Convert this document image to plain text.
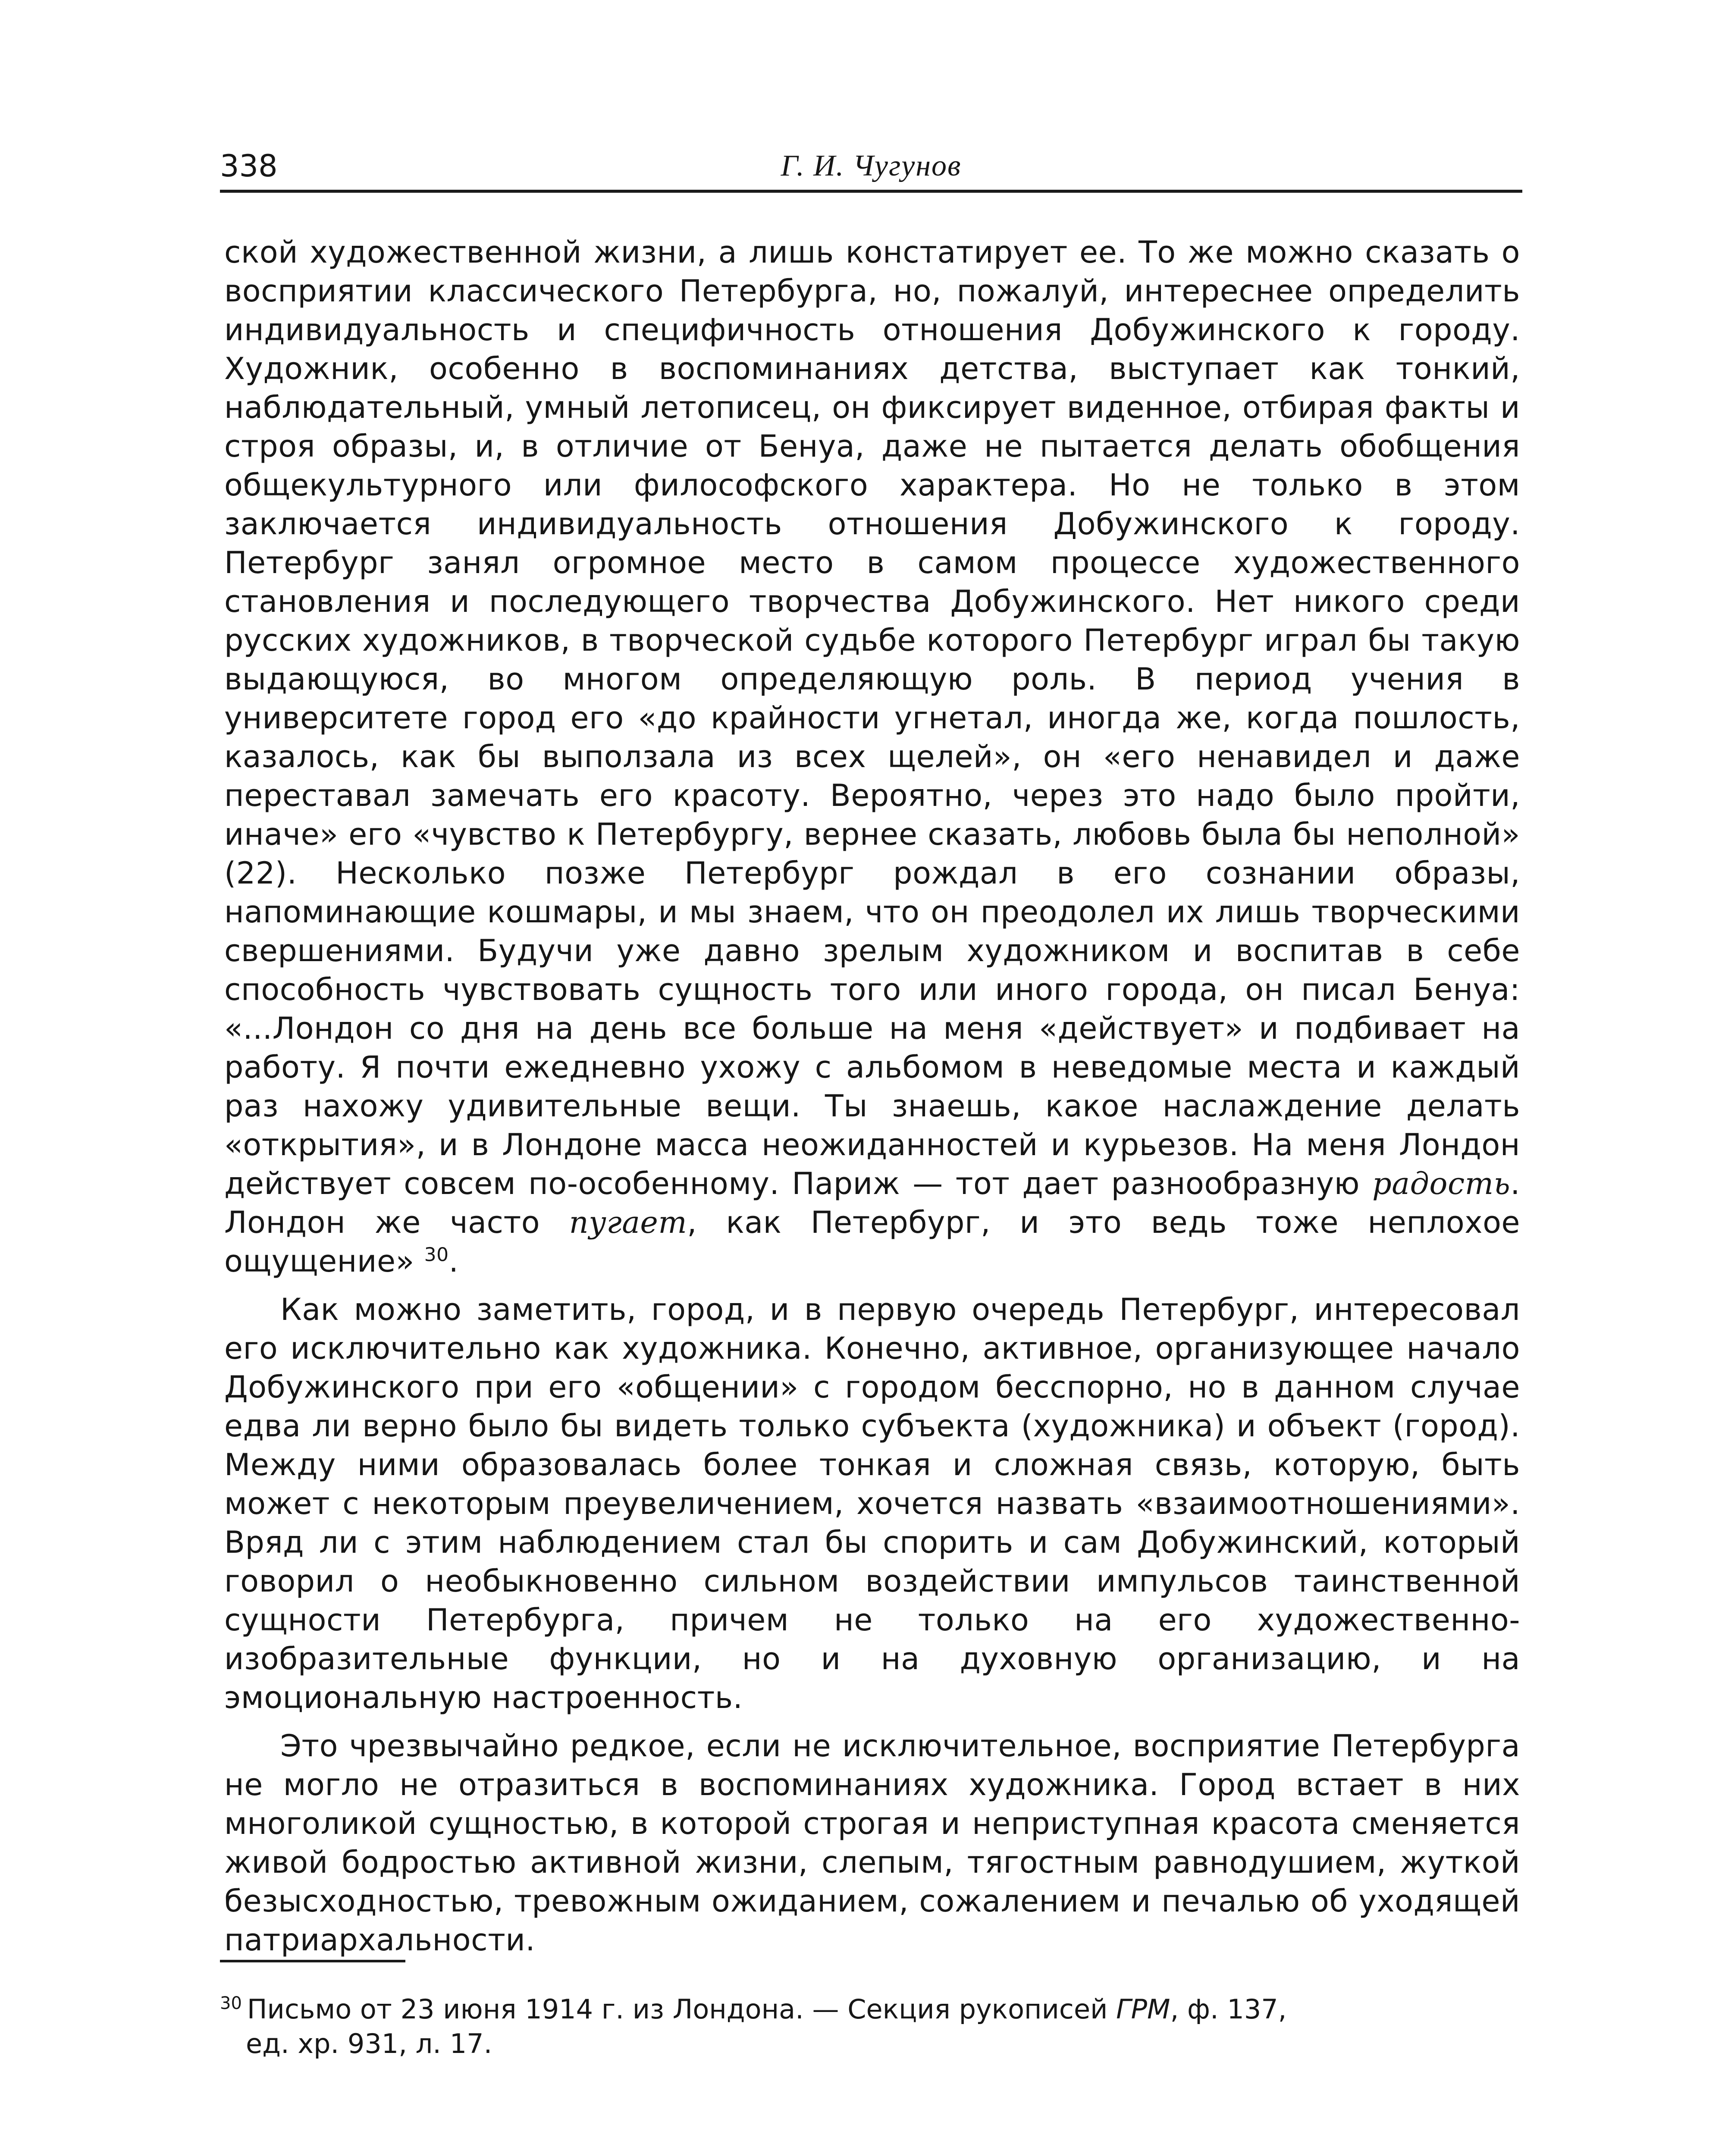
338	Г. И. Чугунов

ской художественной жизни, а лишь констатирует ее. То же можно сказать о восприятии классического Петербурга, но, пожалуй, интереснее определить индивидуальность и специфичность отношения Добужинского к городу. Художник, особенно в воспоминаниях детства, выступает как тонкий, наблюдательный, умный летописец, он фиксирует виденное, отбирая факты и строя образы, и, в отличие от Бенуа, даже не пытается делать обобщения общекультурного или философского характера. Но не только в этом заключается индивидуальность отношения Добужинского к городу. Петербург занял огромное место в самом процессе художественного становления и последующего творчества Добужинского. Нет никого среди русских художников, в творческой судьбе которого Петербург играл бы такую выдающуюся, во многом определяющую роль. В период учения в университете город его «до крайности угнетал, иногда же, когда пошлость, казалось, как бы выползала из всех щелей», он «его ненавидел и даже переставал замечать его красоту. Вероятно, через это надо было пройти, иначе» его «чувство к Петербургу, вернее сказать, любовь была бы неполной» (22). Несколько позже Петербург рождал в его сознании образы, напоминающие кошмары, и мы знаем, что он преодолел их лишь творческими свершениями. Будучи уже давно зрелым художником и воспитав в себе способность чувствовать сущность того или иного города, он писал Бенуа: «...Лондон со дня на день все больше на меня «действует» и подбивает на работу. Я почти ежедневно ухожу с альбомом в неведомые места и каждый раз нахожу удивительные вещи. Ты знаешь, какое наслаждение делать «открытия», и в Лондоне масса неожиданностей и курьезов. На меня Лондон действует совсем по-особенному. Париж — тот дает разнообразную радость. Лондон же часто пугает, как Петербург, и это ведь тоже неплохое ощущение» $^{30}$.

Как можно заметить, город, и в первую очередь Петербург, интересовал его исключительно как художника. Конечно, активное, организующее начало Добужинского при его «общении» с городом бесспорно, но в данном случае едва ли верно было бы видеть только субъекта (художника) и объект (город). Между ними образовалась более тонкая и сложная связь, которую, быть может с некоторым преувеличением, хочется назвать «взаимоотношениями». Вряд ли с этим наблюдением стал бы спорить и сам Добужинский, который говорил о необыкновенно сильном воздействии импульсов таинственной сущности Петербурга, причем не только на его художественно-изобразительные функции, но и на духовную организацию, и на эмоциональную настроенность.

Это чрезвычайно редкое, если не исключительное, восприятие Петербурга не могло не отразиться в воспоминаниях художника. Город встает в них многоликой сущностью, в которой строгая и неприступная красота сменяется живой бодростью активной жизни, слепым, тягостным равнодушием, жуткой безысходностью, тревожным ожиданием, сожалением и печалью об уходящей патриархальности.

$^{30}$ Письмо от 23 июня 1914 г. из Лондона. — Секция рукописей ГРМ, ф. 137,
ед. хр. 931, л. 17.
